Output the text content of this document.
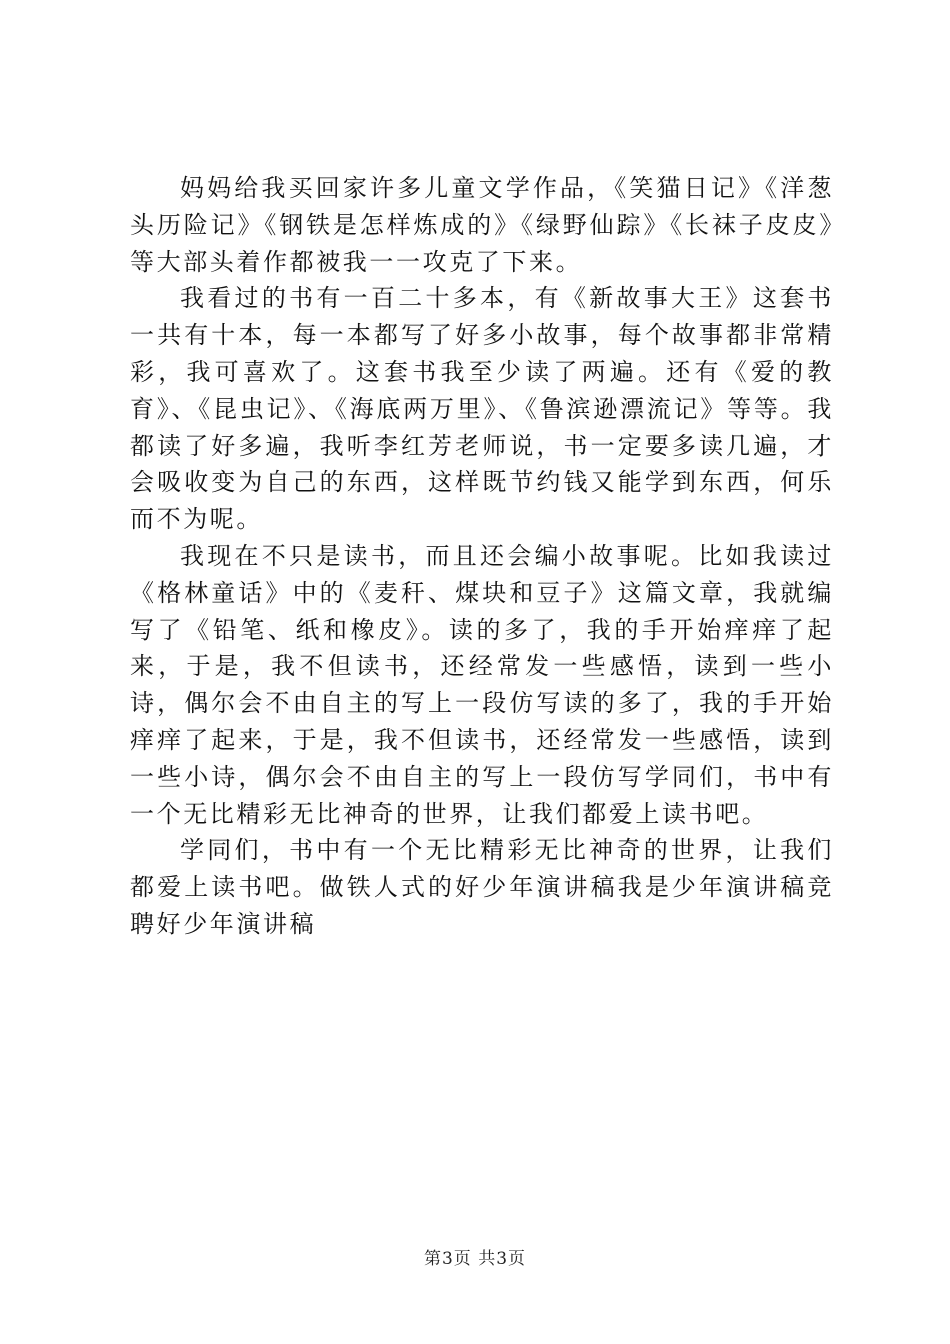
妈妈给我买回家许多儿童文学作品，《笑猫日记》《洋葱头历险记》《钢铁是怎样炼成的》《绿野仙踪》《长袜子皮皮》等大部头着作都被我一一攻克了下来。

我看过的书有一百二十多本，有《新故事大王》这套书一共有十本，每一本都写了好多小故事，每个故事都非常精彩，我可喜欢了。这套书我至少读了两遍。还有《爱的教育》、《昆虫记》、《海底两万里》、《鲁滨逊漂流记》等等。我都读了好多遍，我听李红芳老师说，书一定要多读几遍，才会吸收变为自己的东西，这样既节约钱又能学到东西，何乐而不为呢。

我现在不只是读书，而且还会编小故事呢。比如我读过《格林童话》中的《麦秆、煤块和豆子》这篇文章，我就编写了《铅笔、纸和橡皮》。读的多了，我的手开始痒痒了起来，于是，我不但读书，还经常发一些感悟，读到一些小诗，偶尔会不由自主的写上一段仿写读的多了，我的手开始痒痒了起来，于是，我不但读书，还经常发一些感悟，读到一些小诗，偶尔会不由自主的写上一段仿写学同们，书中有一个无比精彩无比神奇的世界，让我们都爱上读书吧。

学同们，书中有一个无比精彩无比神奇的世界，让我们都爱上读书吧。做铁人式的好少年演讲稿我是少年演讲稿竞聘好少年演讲稿

第3页 共3页
